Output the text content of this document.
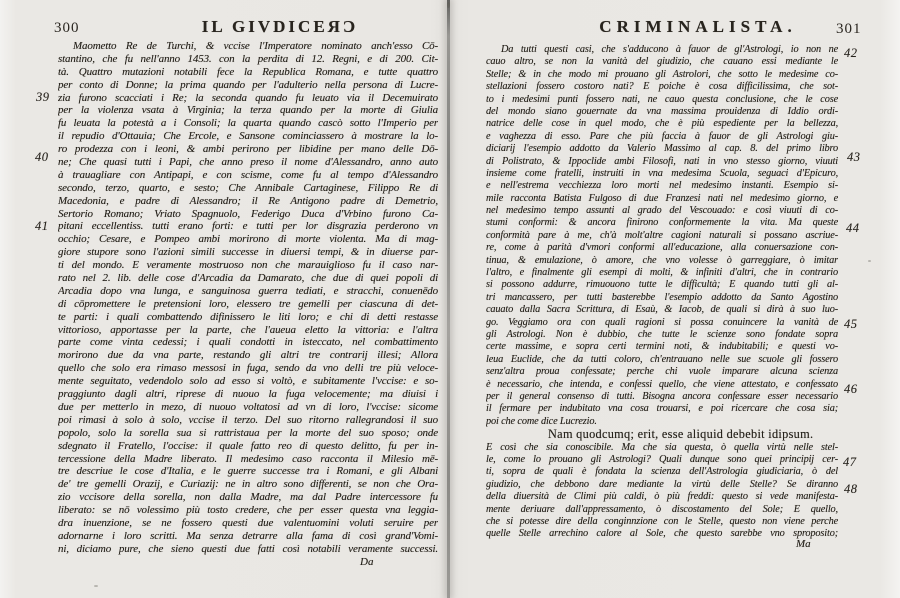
300	IL GIVDICEЯƆ
39
40
41
Maometto Re de Turchi, & vccise l'Imperatore nominato anch'esso Cō-
stantino, che fu nell'anno 1453. con la perdita di 12. Regni, e di 200. Cit-
tà. Quattro mutazioni notabili fece la Republica Romana, e tutte quattro
per conto di Donne; la prima quando per l'adulterio nella persona di Lucre-
zia furono scacciati i Re; la seconda quando fu leuato via il Decemuirato
per la violenza vsata à Virginia; la terza quando per la morte di Giulia
fu leuata la potestà a i Consoli; la quarta quando cascò sotto l'Imperio per
il repudio d'Ottauia; Che Ercole, e Sansone cominciassero à mostrare la lo-
ro prodezza con i leoni, & ambi perirono per libidine per mano delle Dō-
ne; Che quasi tutti i Papi, che anno preso il nome d'Alessandro, anno auto
à trauagliare con Antipapi, e con scisme, come fu al tempo d'Alessandro
secondo, terzo, quarto, e sesto; Che Annibale Cartaginese, Filippo Re di
Macedonia, e padre di Alessandro; il Re Antigono padre di Demetrio,
Sertorio Romano; Vriato Spagnuolo, Federigo Duca d'Vrbino furono Ca-
pitani eccellentiss. tutti erano forti: e tutti per lor disgrazia perderono vn
occhio; Cesare, e Pompeo ambi morirono di morte violenta. Ma di mag-
giore stupore sono l'azioni simili successe in diuersi tempi, & in diuerse par-
ti del mondo. E veramente mostruoso non che marauiglioso fu il caso nar-
rato nel 2. lib. delle cose d'Arcadia da Damarato, che due di quei popoli di
Arcadia dopo vna lunga, e sanguinosa guerra tediati, e stracchi, conuenēdo
di cōpromettere le pretensioni loro, elessero tre gemelli per ciascuna di det-
te parti: i quali combattendo difinissero le liti loro; e chi di detti restasse
vittorioso, apportasse per la parte, che l'aueua eletto la vittoria: e l'altra
parte come vinta cedessi; i quali condotti in isteccato, nel combattimento
morirono due da vna parte, restando gli altri tre contrarij illesi; Allora
quello che solo era rimaso messosi in fuga, sendo da vno delli tre più veloce-
mente seguitato, vedendolo solo ad esso si voltò, e subitamente l'vccise: e so-
praggiunto dagli altri, riprese di nuouo la fuga velocemente; ma diuisi i
due per metterlo in mezo, di nuouo voltatosi ad vn di loro, l'vccise: sicome
poi rimasi à solo à solo, vccise il terzo. Del suo ritorno rallegrandosi il suo
popolo, solo la sorella sua si rattristaua per la morte del suo sposo; onde
sdegnato il Fratello, l'occise: il quale fatto reo di questo delitto, fu per in-
tercessione della Madre liberato. Il medesimo caso racconta il Milesio mē-
tre descriue le cose d'Italia, e le guerre successe tra i Romani, e gli Albani
de' tre gemelli Orazij, e Curiazij: ne in altro sono differenti, se non che Ora-
zio vccisore della sorella, non dalla Madre, ma dal Padre intercessore fu
liberato: se nō volessimo più tosto credere, che per esser questa vna leggia-
dra inuenzione, se ne fossero questi due valentuomini voluti seruire per
adornarne i loro scritti. Ma senza detrarre alla fama di così grand'Vomi-
ni, diciamo pure, che sieno questi due fatti così notabili veramente successi.
Da
CRIMINALISTA.	301
42
43
44
45
46
47
48
Da tutti questi casi, che s'adducono à fauor de gl'Astrologi, io non ne
cauo altro, se non la vanità del giudizio, che cauano essi mediante le
Stelle; & in che modo mi prouano gli Astrolori, che sotto le medesime co-
stellazioni fossero costoro nati? E poiche è cosa difficilissima, che sot-
to i medesimi punti fossero nati, ne cauo questa conclusione, che le cose
del mondo siano gouernate da vna massima prouidenza di Iddio ordi-
natrice delle cose in quel modo, che è più espediente per la bellezza,
e vaghezza di esso. Pare che più faccia à fauor de gli Astrologi giu-
diciarij l'esempio addotto da Valerio Massimo al cap. 8. del primo libro
di Polistrato, & Ippoclide ambi Filosofi, nati in vno stesso giorno, viuuti
insieme come fratelli, instruiti in vna medesima Scuola, seguaci d'Epicuro,
e nell'estrema vecchiezza loro morti nel medesimo instanti. Esempio si-
mile racconta Batista Fulgoso di due Franzesi nati nel medesimo giorno, e
nel medesimo tempo assunti al grado del Vescouado: e così viuuti di co-
stumi conformi: & ancora finirono conformemente la vita. Ma queste
conformità pare à me, ch'à molt'altre cagioni naturali si possano ascriue-
re, come à parità d'vmori conformi all'educazione, alla conuersazione con-
tinua, & emulazione, ò amore, che vno volesse ò garreggiare, ò imitar
l'altro, e finalmente gli esempi di molti, & infiniti d'altri, che in contrario
si possono addurre, rimuouono tutte le difficultà; E quando tutti gli al-
tri mancassero, per tutti basterebbe l'esempio addotto da Santo Agostino
cauato dalla Sacra Scrittura, di Esaù, & Iacob, de quali si dirà à suo luo-
go. Veggiamo ora con quali ragioni si possa conuincere la vanità de
gli Astrologi. Non è dubbio, che tutte le scienze sono fondate sopra
certe massime, e sopra certi termini noti, & indubitabili; e questi vo-
leua Euclide, che da tutti coloro, ch'entrauano nelle sue scuole gli fossero
senz'altra proua confessate; perche chi vuole imparare alcuna scienza
è necessario, che intenda, e confessi quello, che viene attestato, e confessato
per il general consenso di tutti. Bisogna ancora confessare esser necessario
il fermare per indubitato vna cosa trouarsi, e poi ricercare che cosa sia;
poi che come dice Lucrezio.
Nam quodcumq; erit, esse aliquid debebit idipsum.
E così che sia conoscibile. Ma che sia questa, ò quella virtù nelle stel-
le, come lo prouano gli Astrologi? Quali dunque sono quei principij cer-
ti, sopra de quali è fondata la scienza dell'Astrologia giudiciaria, ò del
giudizio, che debbono dare mediante la virtù delle Stelle? Se diranno
della diuersità de Climi più caldi, ò più freddi: questo si vede manifesta-
mente deriuare dall'appressamento, ò discostamento del Sole; E quello,
che si potesse dire della conginnzione con le Stelle, questo non viene perche
quelle Stelle arrechino calore al Sole, che questo sarebbe vno sproposito;
Ma
